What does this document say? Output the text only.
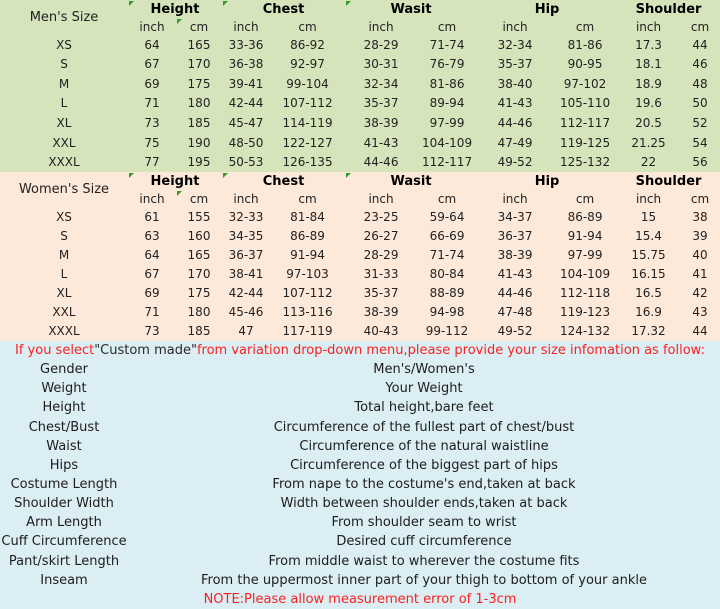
Men's Size	Height		Chest		Wasit		Hip		Shoulder	
	inch	cm	inch	cm	inch	cm	inch	cm	inch	cm
XS	64	165	33-36	86-92	28-29	71-74	32-34	81-86	17.3	44
S	67	170	36-38	92-97	30-31	76-79	35-37	90-95	18.1	46
M	69	175	39-41	99-104	32-34	81-86	38-40	97-102	18.9	48
L	71	180	42-44	107-112	35-37	89-94	41-43	105-110	19.6	50
XL	73	185	45-47	114-119	38-39	97-99	44-46	112-117	20.5	52
XXL	75	190	48-50	122-127	41-43	104-109	47-49	119-125	21.25	54
XXXL	77	195	50-53	126-135	44-46	112-117	49-52	125-132	22	56
Women's Size	Height		Chest		Wasit		Hip		Shoulder	
	inch	cm	inch	cm	inch	cm	inch	cm	inch	cm
XS	61	155	32-33	81-84	23-25	59-64	34-37	86-89	15	38
S	63	160	34-35	86-89	26-27	66-69	36-37	91-94	15.4	39
M	64	165	36-37	91-94	28-29	71-74	38-39	97-99	15.75	40
L	67	170	38-41	97-103	31-33	80-84	41-43	104-109	16.15	41
XL	69	175	42-44	107-112	35-37	88-89	44-46	112-118	16.5	42
XXL	71	180	45-46	113-116	38-39	94-98	47-48	119-123	16.9	43
XXXL	73	185	47	117-119	40-43	99-112	49-52	124-132	17.32	44
If you select "Custom made" from variation drop-down menu,please provide your size infomation as follow:
Gender	Men's/Women's
Weight	Your Weight
Height	Total height,bare feet
Chest/Bust	Circumference of the fullest part of chest/bust
Waist	Circumference of the natural waistline
Hips	Circumference of the biggest part of hips
Costume Length	From nape to the costume's end,taken at back
Shoulder Width	Width between shoulder ends,taken at back
Arm Length	From shoulder seam to wrist
Cuff Circumference	Desired cuff circumference
Pant/skirt Length	From middle waist to wherever the costume fits
Inseam	From the uppermost inner part of your thigh to bottom of your ankle
NOTE:Please allow measurement error of 1-3cm
